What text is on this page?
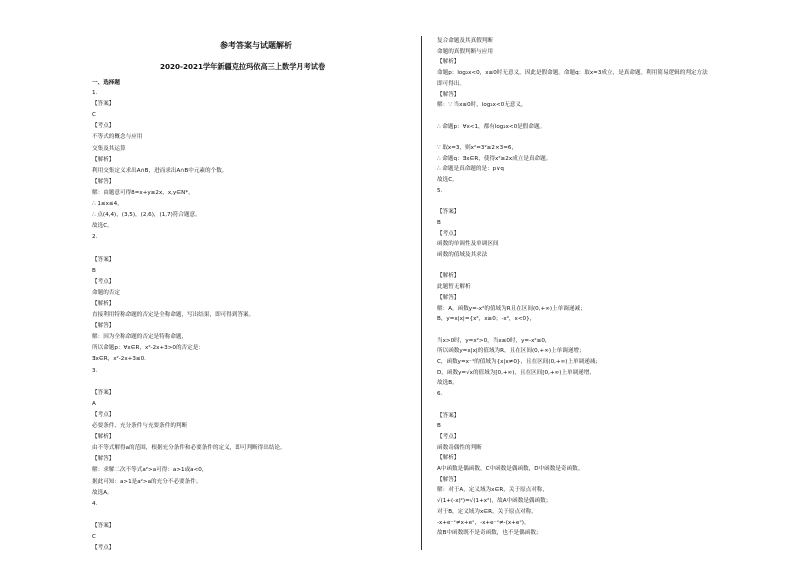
参考答案与试题解析
2020-2021学年新疆克拉玛依高三上数学月考试卷
一、选择题
1.
【答案】
C
【考点】
不等式的概念与应用
交集及其运算
【解析】
利用交集定义求出A∩B，进而求出A∩B中元素的个数。
【解答】
解：由题意可得8=x+y≥2x，x,y∈N*，
∴ 1≤x≤4，
∴ 点(4,4)，(3,5)，(2,6)，(1,7)符合题意。
故选C。
2.
【答案】
B
【考点】
命题的否定
【解析】
直接利用特称命题的否定是全称命题，写出结果，即可得到答案。
【解答】
解：因为全称命题的否定是特称命题，
所以命题p：∀x∈R，x²-2x+3>0的否定是：
∃x∈R，x²-2x+3≤0.
3.
【答案】
A
【考点】
必要条件、充分条件与充要条件的判断
【解析】
由不等式解得a的范围，根据充分条件和必要条件的定义，即可判断得出结论。
【解答】
解：求解二次不等式a²>a可得：a>1或a<0，
据此可知：a>1是a²>a的充分不必要条件。
故选A。
4.
【答案】
C
【考点】
复合命题及其真假判断
命题的真假判断与应用
【解析】
命题p：log₂x<0，x≤0时无意义，因此是假命题。命题q：取x=3成立，是真命题。利用简易逻辑的判定方法
即可得出。
【解答】
解：∵ 当x≤0时，log₂x<0无意义，
∴ 命题p：∀x<1，都有log₂x<0是假命题。
∵ 取x=3，则x²=3²≥2×3=6，
∴ 命题q：∃x∈R，使得x²≥2x成立是真命题。
∴ 命题是真命题的是：p∨q
故选C。
5.
【答案】
B
【考点】
函数的单调性及单调区间
函数的值域及其求法
【解析】
此题暂无解析
【解答】
解：A，函数y=-x²的值域为R且在区间(0,+∞)上单调递减；
B，y=x|x|={x²，x≥0；-x²，x<0}，
当x>0时，y=x²>0，当x≤0时，y=-x²≤0，
所以函数y=x|x|的值域为R，且在区间(0,+∞)上单调递增；
C，函数y=x⁻¹的值域为{x|x≠0}，且在区间(0,+∞)上单调递减；
D，函数y=√x的值域为[0,+∞)，且在区间[0,+∞)上单调递增，
故选B。
6.
【答案】
B
【考点】
函数奇偶性的判断
【解析】
A中函数是偶函数，C中函数是偶函数，D中函数是奇函数。
【解答】
解：对于A，定义域为x∈R，关于原点对称，
√(1+(-x)²)=√(1+x²)，故A中函数是偶函数；
对于B，定义域为x∈R，关于原点对称，
-x+e⁻ˣ≠x+eˣ，-x+e⁻ˣ≠-(x+eˣ)，
故B中函数既不是奇函数，也不是偶函数；
